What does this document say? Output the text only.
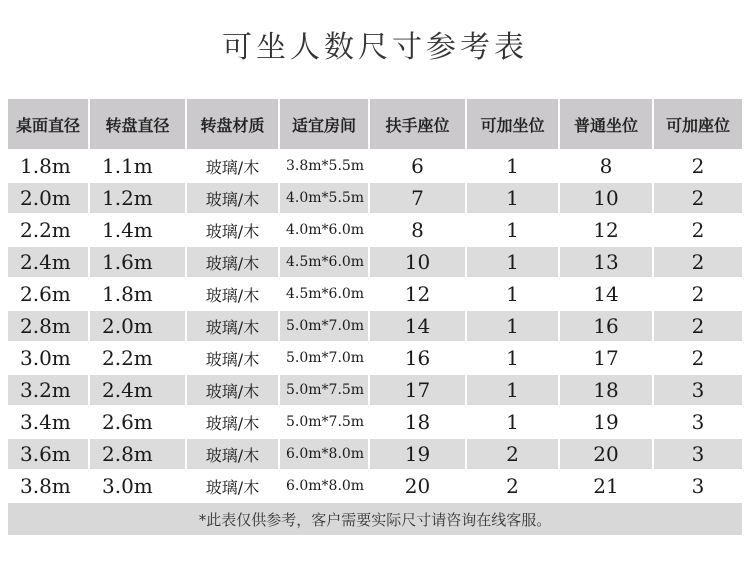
可坐人数尺寸参考表
桌面直径	转盘直径	转盘材质	适宜房间	扶手座位	可加坐位	普通坐位	可加座位
1.8m	1.1m	玻璃/木	3.8m*5.5m	6	1	8	2
2.0m	1.2m	玻璃/木	4.0m*5.5m	7	1	10	2
2.2m	1.4m	玻璃/木	4.0m*6.0m	8	1	12	2
2.4m	1.6m	玻璃/木	4.5m*6.0m	10	1	13	2
2.6m	1.8m	玻璃/木	4.5m*6.0m	12	1	14	2
2.8m	2.0m	玻璃/木	5.0m*7.0m	14	1	16	2
3.0m	2.2m	玻璃/木	5.0m*7.0m	16	1	17	2
3.2m	2.4m	玻璃/木	5.0m*7.5m	17	1	18	3
3.4m	2.6m	玻璃/木	5.0m*7.5m	18	1	19	3
3.6m	2.8m	玻璃/木	6.0m*8.0m	19	2	20	3
3.8m	3.0m	玻璃/木	6.0m*8.0m	20	2	21	3
*此表仅供参考，客户需要实际尺寸请咨询在线客服。							
